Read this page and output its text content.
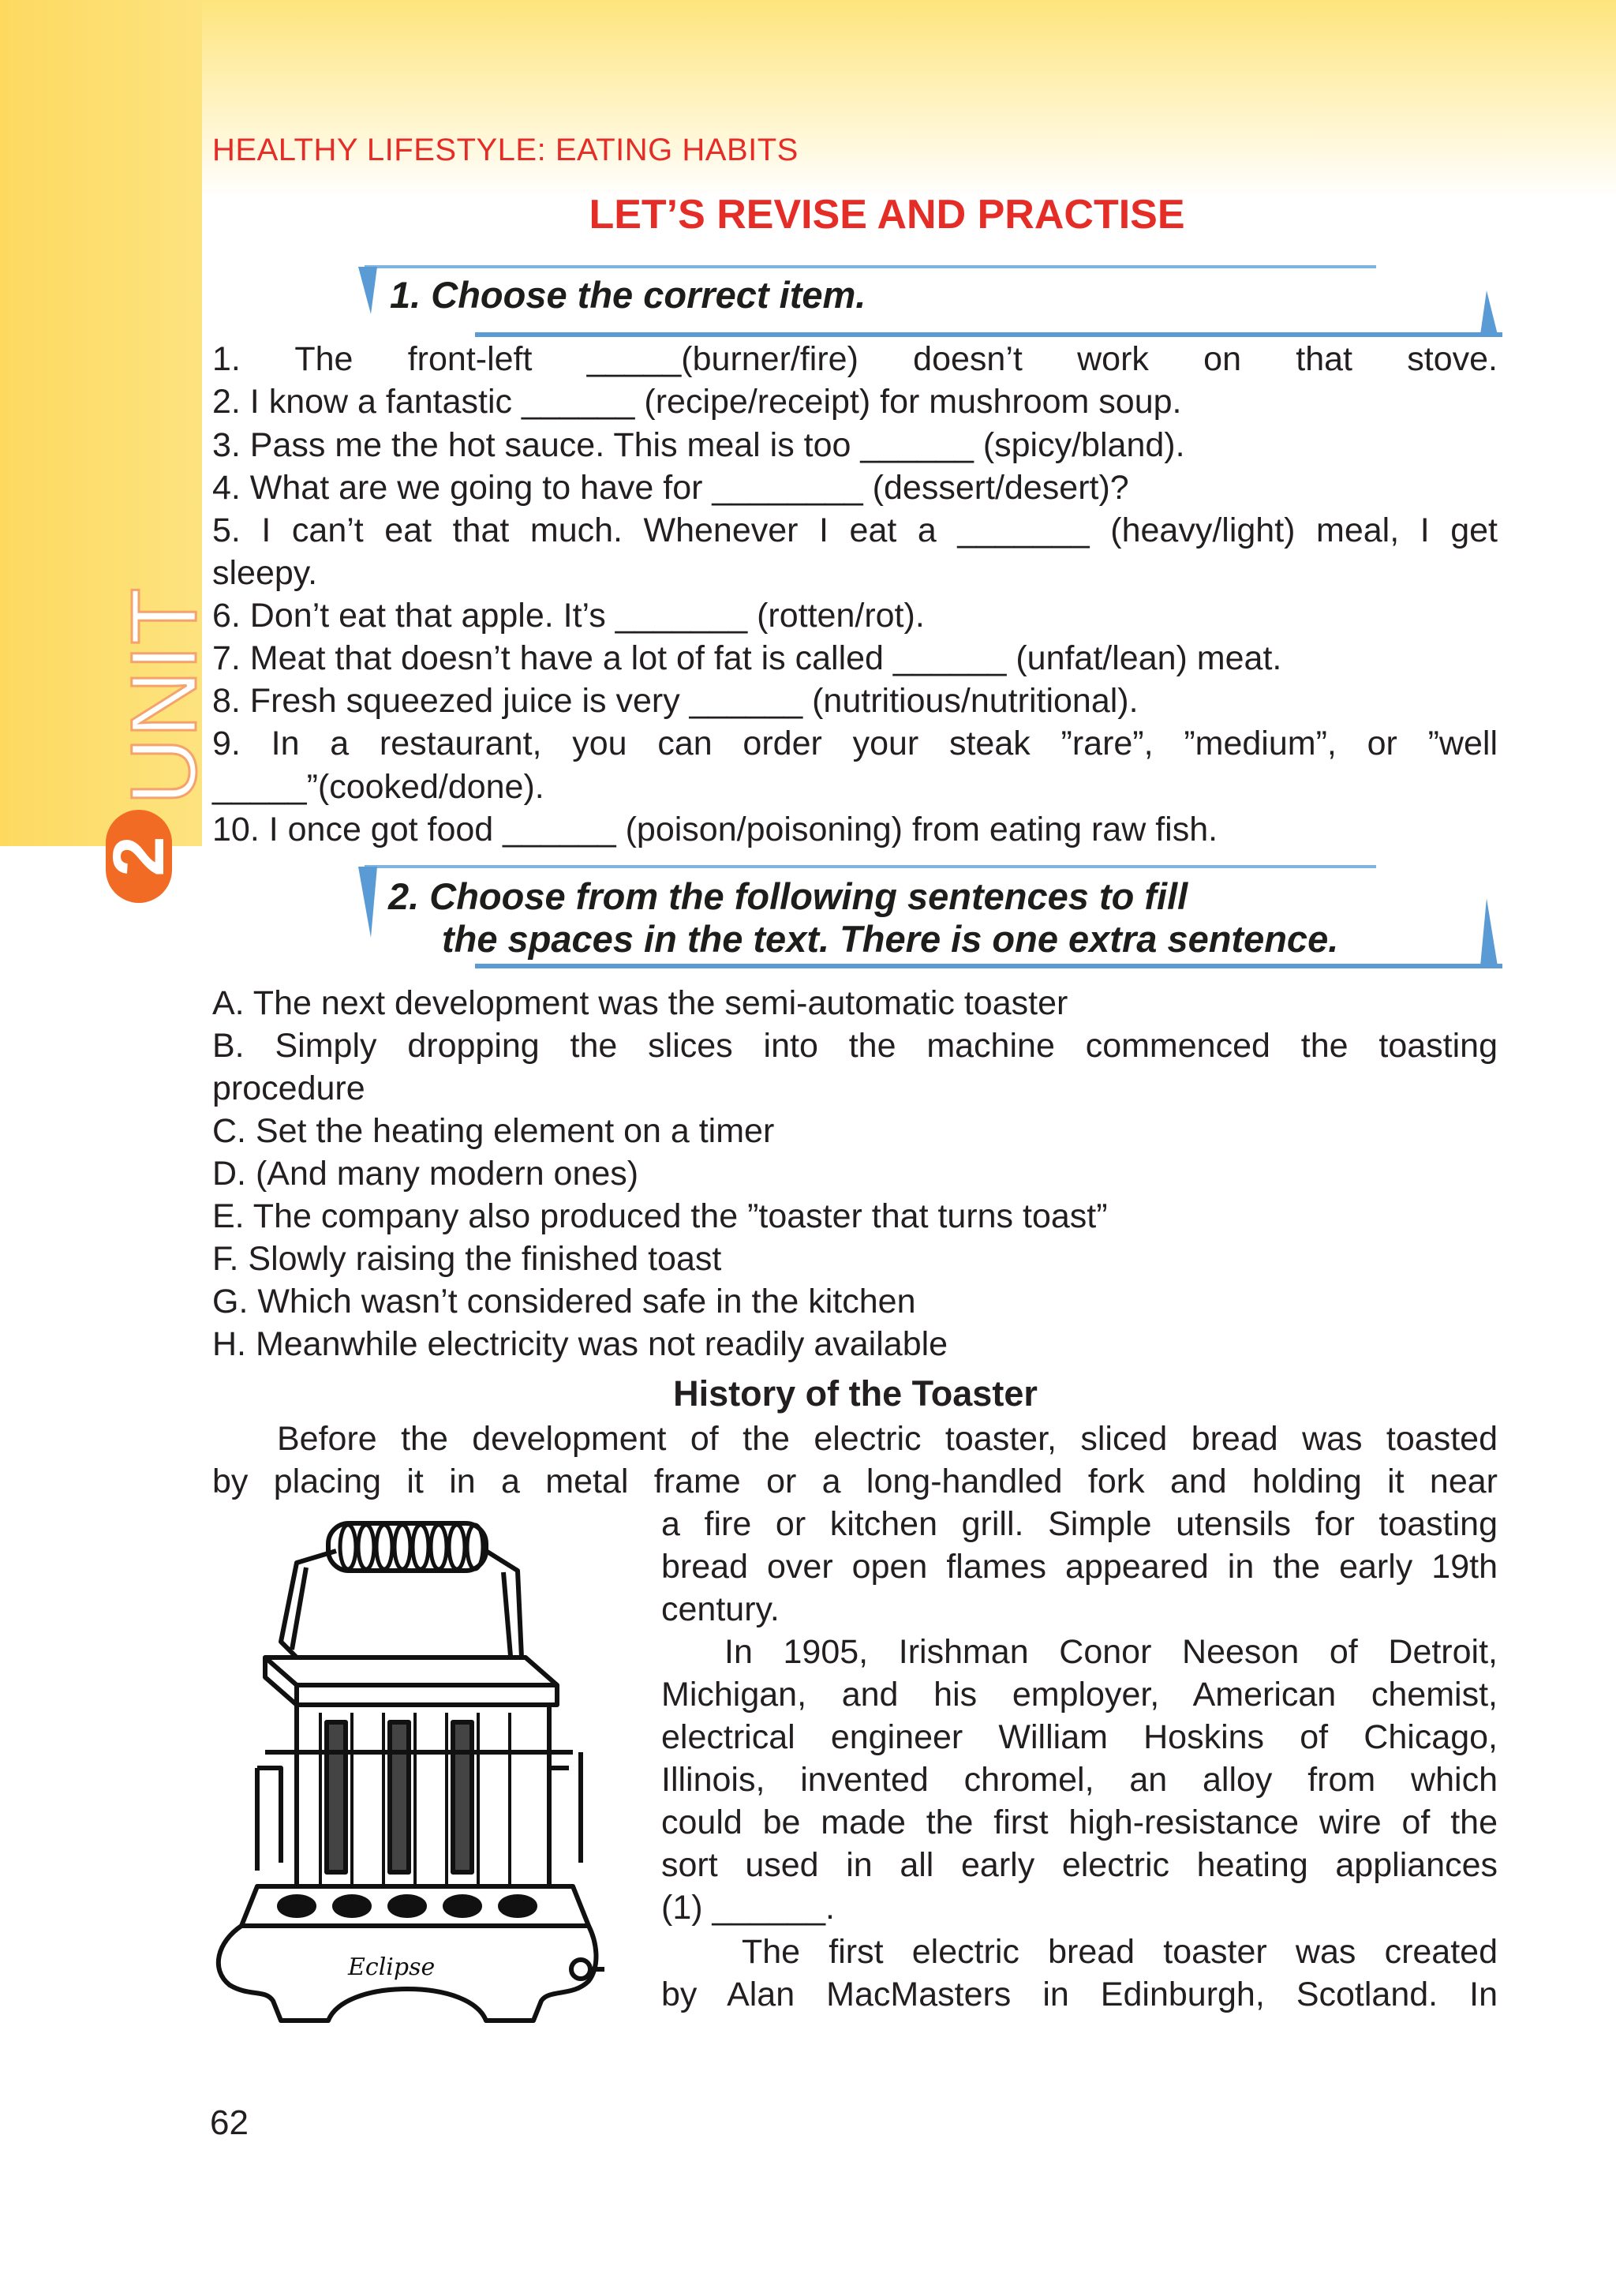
UNIT
2
HEALTHY LIFESTYLE: EATING HABITS
LET’S REVISE AND PRACTISE
1. Choose the correct item.
1. The front-left _____(burner/fire) doesn’t work on that stove.
2. I know a fantastic ______ (recipe/receipt) for mushroom soup.
3. Pass me the hot sauce. This meal is too ______ (spicy/bland).
4. What are we going to have for ________ (dessert/desert)?
5. I can’t eat that much. Whenever I eat a _______ (heavy/light) meal, I get
sleepy.
6. Don’t eat that apple. It’s _______ (rotten/rot).
7. Meat that doesn’t have a lot of fat is called ______ (unfat/lean) meat.
8. Fresh squeezed juice is very ______ (nutritious/nutritional).
9. In a restaurant, you can order your steak ”rare”, ”medium”, or ”well
_____”(cooked/done).
10. I once got food ______ (poison/poisoning) from eating raw fish.
2. Choose from the following sentences to fill
the spaces in the text. There is one extra sentence.
A. The next development was the semi-automatic toaster
B. Simply dropping the slices into the machine commenced the toasting
procedure
C. Set the heating element on a timer
D. (And many modern ones)
E. The company also produced the ”toaster that turns toast”
F. Slowly raising the finished toast
G. Which wasn’t considered safe in the kitchen
H. Meanwhile electricity was not readily available
History of the Toaster
Before the development of the electric toaster, sliced bread was toasted
by placing it in a metal frame or a long-handled fork and holding it near
a fire or kitchen grill. Simple utensils for toasting
bread over open flames appeared in the early 19th
century.
In 1905, Irishman Conor Neeson of Detroit,
Michigan, and his employer, American chemist,
electrical engineer William Hoskins of Chicago,
Illinois, invented chromel, an alloy from which
could be made the first high-resistance wire of the
sort used in all early electric heating appliances
(1) ______.
The first electric bread toaster was created
by Alan MacMasters in Edinburgh, Scotland. In
Eclipse
62
